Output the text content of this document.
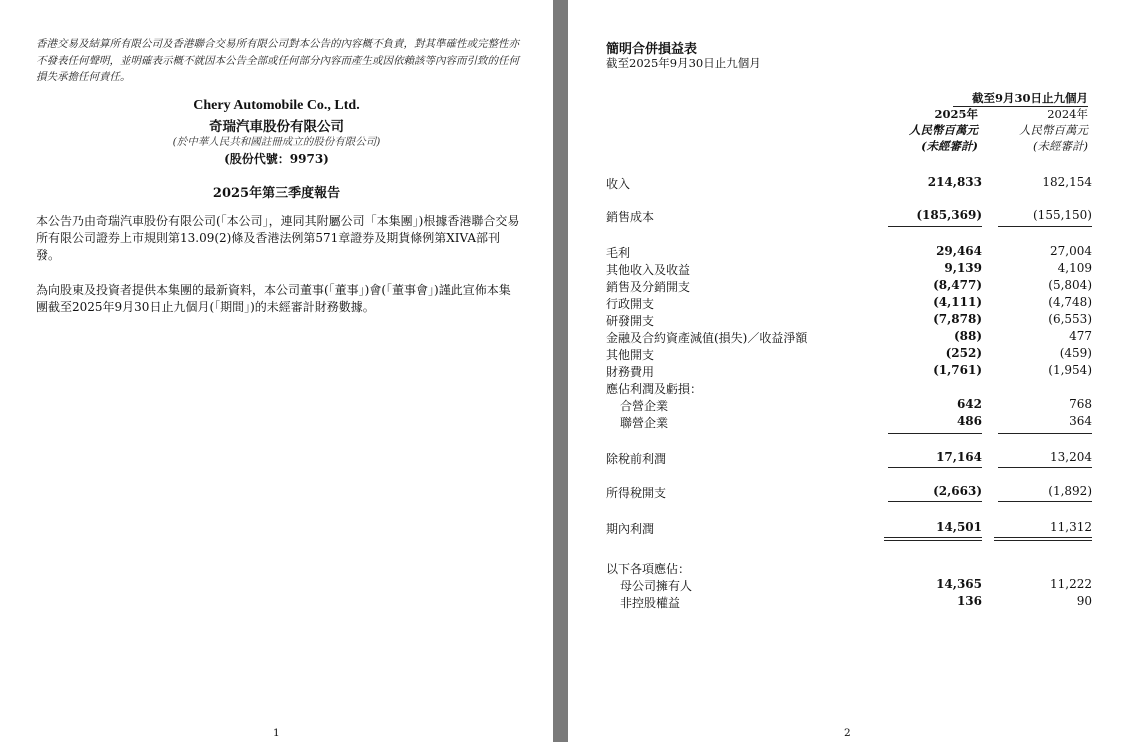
香港交易及結算所有限公司及香港聯合交易所有限公司對本公告的內容概不負責，對其準確性或完整性亦不發表任何聲明，並明確表示概不就因本公告全部或任何部分內容而產生或因依賴該等內容而引致的任何損失承擔任何責任。
Chery Automobile Co., Ltd.
奇瑞汽車股份有限公司
(於中華人民共和國註冊成立的股份有限公司)
(股份代號：9973)
2025年第三季度報告
本公告乃由奇瑞汽車股份有限公司(「本公司」，連同其附屬公司「本集團」)根據香港聯合交易所有限公司證券上市規則第13.09(2)條及香港法例第571章證券及期貨條例第XIVA部刊發。
為向股東及投資者提供本集團的最新資料，本公司董事(「董事」)會(「董事會」)謹此宣佈本集團截至2025年9月30日止九個月(「期間」)的未經審計財務數據。
1
簡明合併損益表
截至2025年9月30日止九個月
截至9月30日止九個月
2025年	2024年
人民幣百萬元	人民幣百萬元
(未經審計)	(未經審計)
收入	214,833	182,154
銷售成本	(185,369)	(155,150)
毛利	29,464	27,004
其他收入及收益	9,139	4,109
銷售及分銷開支	(8,477)	(5,804)
行政開支	(4,111)	(4,748)
研發開支	(7,878)	(6,553)
金融及合約資產減值(損失)／收益淨額	(88)	477
其他開支	(252)	(459)
財務費用	(1,761)	(1,954)
應佔利潤及虧損：
合營企業	642	768
聯營企業	486	364
除稅前利潤	17,164	13,204
所得稅開支	(2,663)	(1,892)
期內利潤	14,501	11,312
以下各項應佔：
母公司擁有人	14,365	11,222
非控股權益	136	90
2
